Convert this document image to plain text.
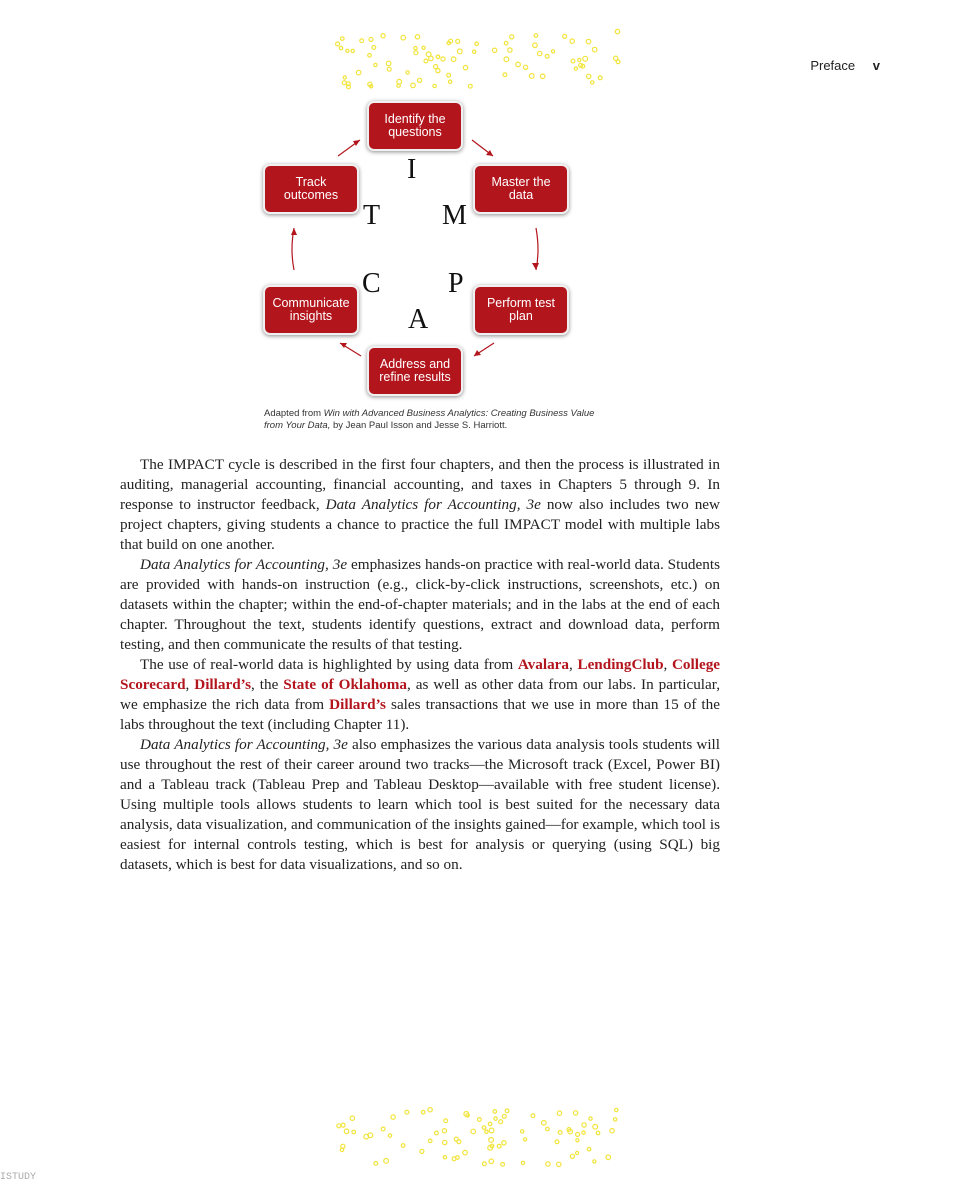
Preface v
Identify the questions
Master the data
Perform test plan
Address and refine results
Communicate insights
Track outcomes
I
M
P
A
C
T
Adapted from Win with Advanced Business Analytics: Creating Business Value from Your Data, by Jean Paul Isson and Jesse S. Harriott.

The IMPACT cycle is described in the first four chapters, and then the process is illustrated in auditing, managerial accounting, financial accounting, and taxes in Chapters 5 through 9. In response to instructor feedback, Data Analytics for Accounting, 3e now also includes two new project chapters, giving students a chance to practice the full IMPACT model with multiple labs that build on one another.

Data Analytics for Accounting, 3e emphasizes hands-on practice with real-world data. Students are provided with hands-on instruction (e.g., click-by-click instructions, screenshots, etc.) on datasets within the chapter; within the end-of-chapter materials; and in the labs at the end of each chapter. Throughout the text, students identify questions, extract and download data, perform testing, and then communicate the results of that testing.

The use of real-world data is highlighted by using data from Avalara, LendingClub, College Scorecard, Dillard’s, the State of Oklahoma, as well as other data from our labs. In particular, we emphasize the rich data from Dillard’s sales transactions that we use in more than 15 of the labs throughout the text (including Chapter 11).

Data Analytics for Accounting, 3e also emphasizes the various data analysis tools students will use throughout the rest of their career around two tracks—the Microsoft track (Excel, Power BI) and a Tableau track (Tableau Prep and Tableau Desktop—available with free student license). Using multiple tools allows students to learn which tool is best suited for the necessary data analysis, data visualization, and communication of the insights gained—for example, which tool is easiest for internal controls testing, which is best for analysis or querying (using SQL) big datasets, which is best for data visualizations, and so on.

ISTUDY
